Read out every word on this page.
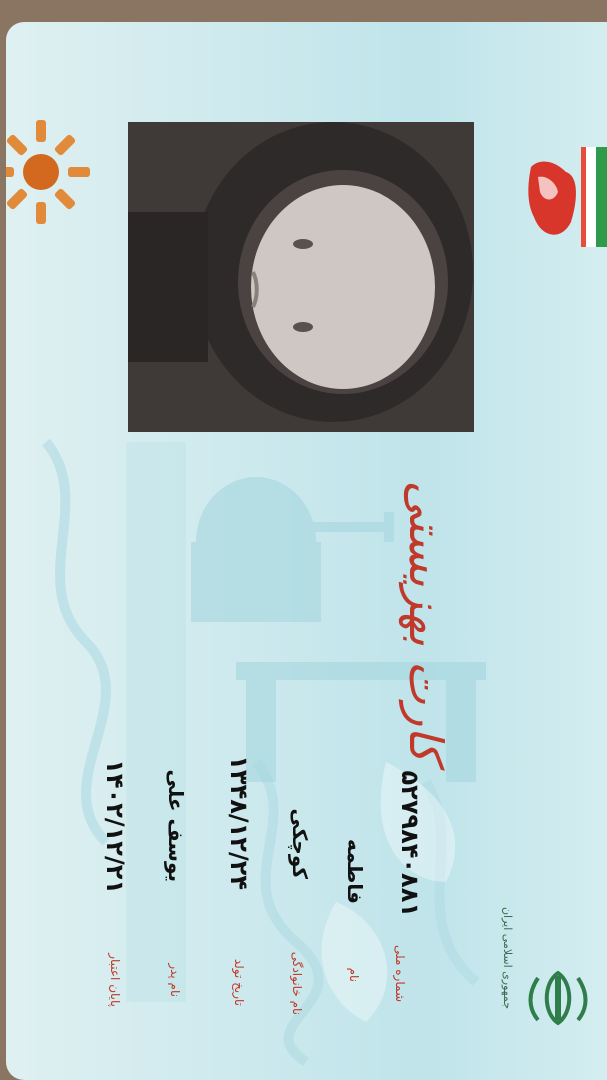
جمهوری اسلامی ایران
کارت بهزیستی
شماره ملی
۵۲۷۹۸۴۰۸۸۱
نام
فاطمه
نام خانوادگی
کوچکی
تاریخ تولد
۱۳۴۸/۱۲/۲۴
نام پدر
یوسف علی
پایان اعتبار
۱۴۰۲/۱۲/۲۱
